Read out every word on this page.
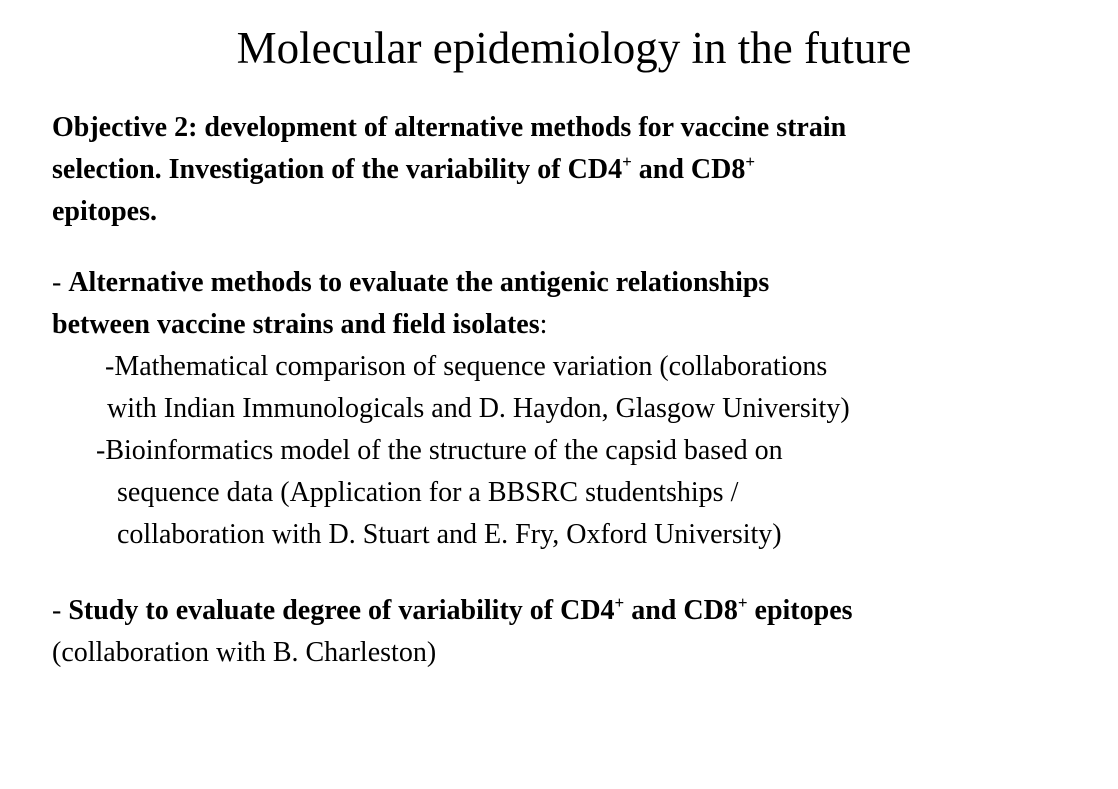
Molecular epidemiology in the future
Objective 2: development of alternative methods for vaccine strain
selection. Investigation of the variability of CD4+ and CD8+
epitopes.
- Alternative methods to evaluate the antigenic relationships
between vaccine strains and field isolates:
-Mathematical comparison of sequence variation (collaborations
with Indian Immunologicals and D. Haydon, Glasgow University)
-Bioinformatics model of the structure of the capsid based on
sequence data (Application for a BBSRC studentships /
collaboration with D. Stuart and E. Fry, Oxford University)
- Study to evaluate degree of variability of CD4+ and CD8+ epitopes
(collaboration with B. Charleston)
